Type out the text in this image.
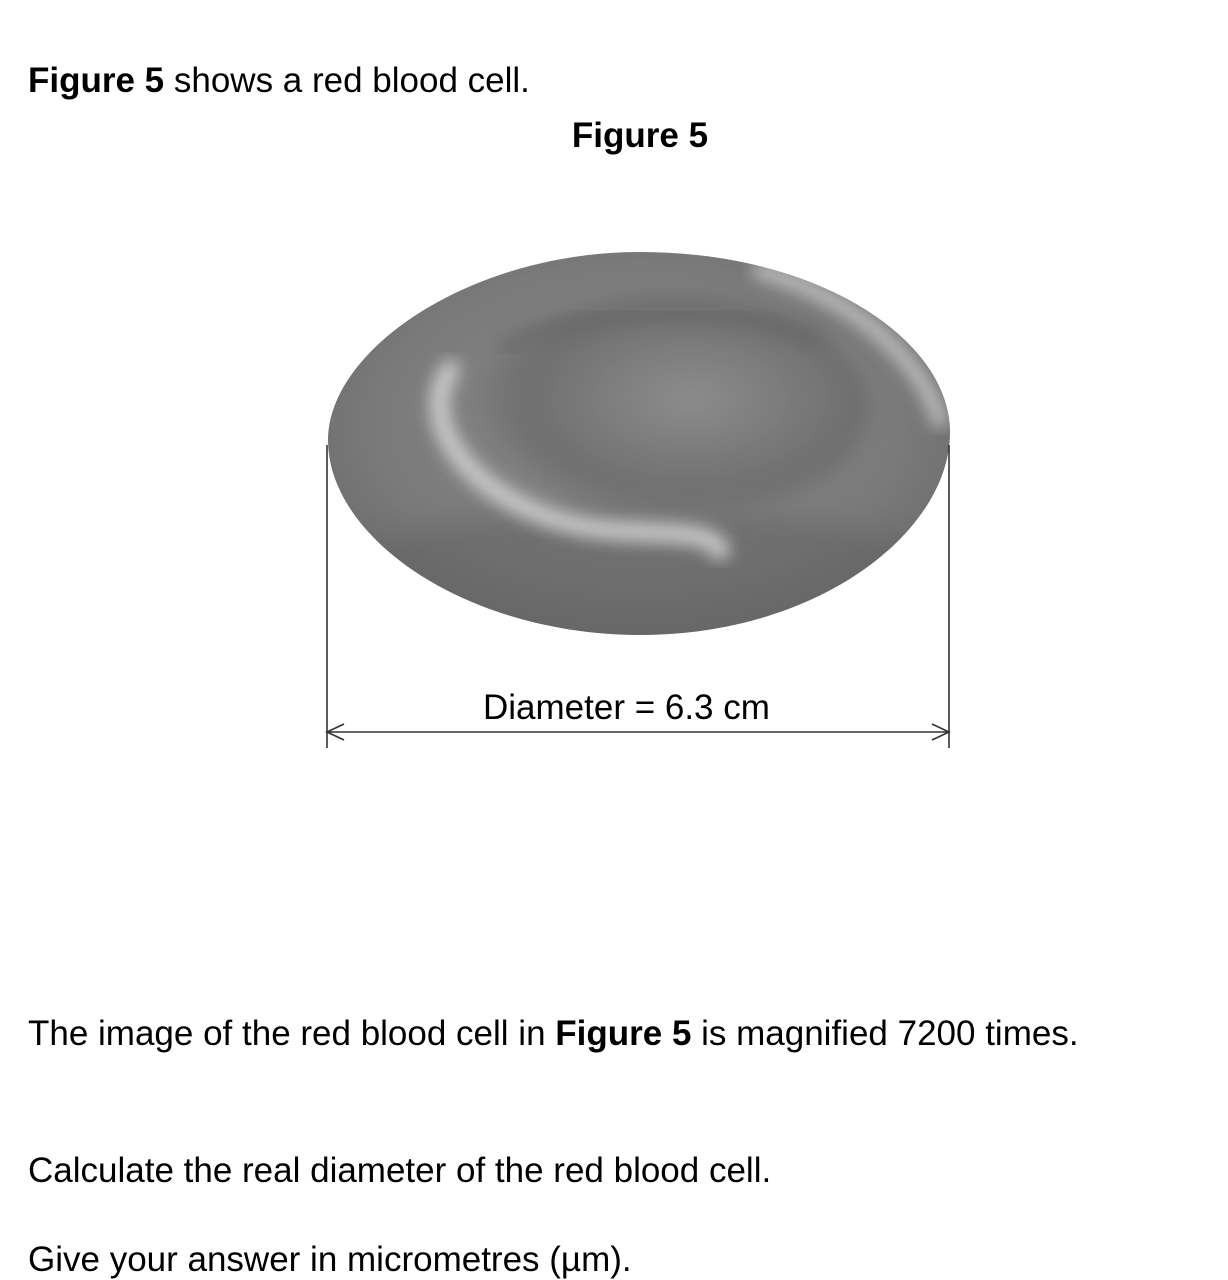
Figure 5 shows a red blood cell.

Figure 5
Diameter = 6.3 cm

The image of the red blood cell in Figure 5 is magnified 7200 times.

Calculate the real diameter of the red blood cell.

Give your answer in micrometres (µm).
